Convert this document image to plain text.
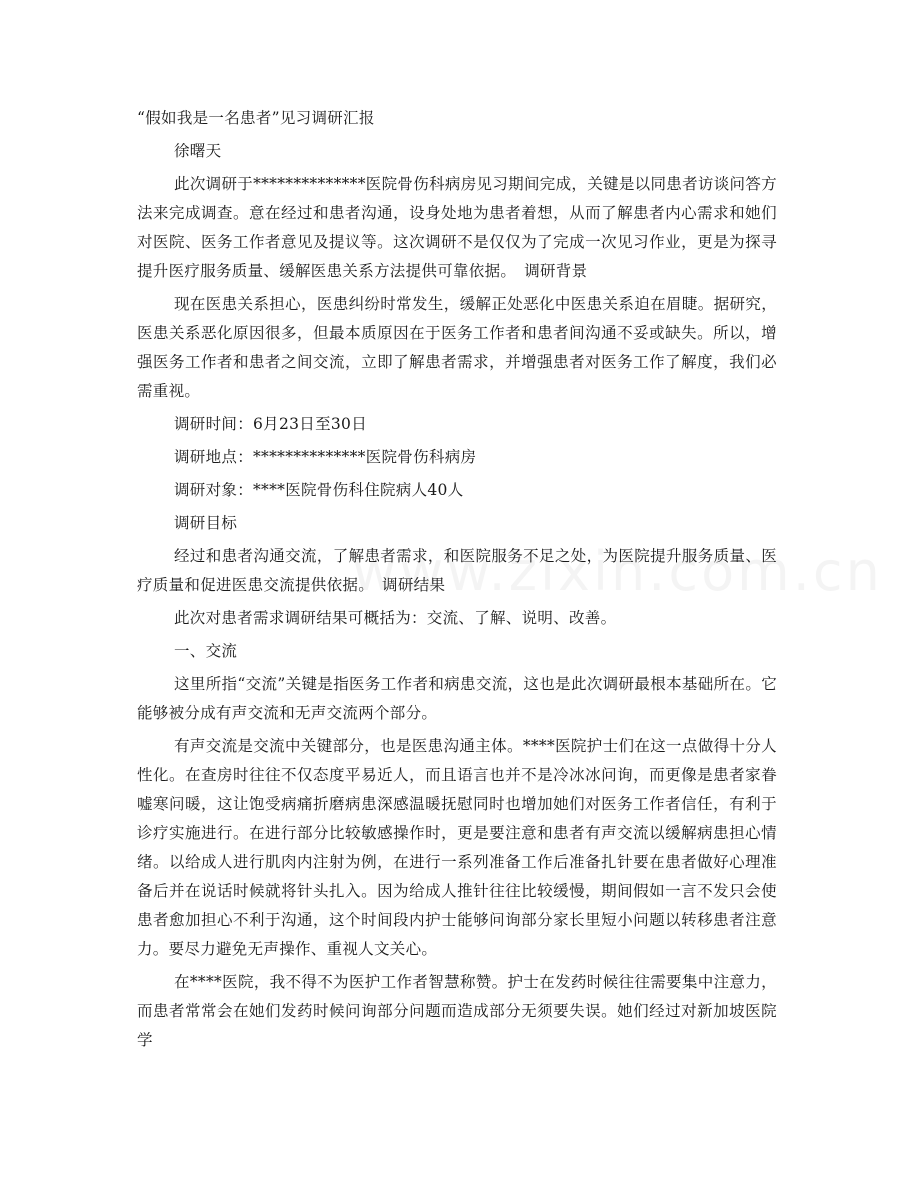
“假如我是一名患者”见习调研汇报

徐曙天

此次调研于**************医院骨伤科病房见习期间完成，关键是以同患者访谈问答方法来完成调查。意在经过和患者沟通，设身处地为患者着想，从而了解患者内心需求和她们对医院、医务工作者意见及提议等。这次调研不是仅仅为了完成一次见习作业，更是为探寻提升医疗服务质量、缓解医患关系方法提供可靠依据。　调研背景

现在医患关系担心，医患纠纷时常发生，缓解正处恶化中医患关系迫在眉睫。据研究，医患关系恶化原因很多，但最本质原因在于医务工作者和患者间沟通不妥或缺失。所以，增强医务工作者和患者之间交流，立即了解患者需求，并增强患者对医务工作了解度，我们必需重视。

调研时间：6月23日至30日

调研地点：**************医院骨伤科病房

调研对象：****医院骨伤科住院病人40人

调研目标

经过和患者沟通交流，了解患者需求，和医院服务不足之处，为医院提升服务质量、医疗质量和促进医患交流提供依据。　调研结果

此次对患者需求调研结果可概括为：交流、了解、说明、改善。

一、交流

这里所指“交流”关键是指医务工作者和病患交流，这也是此次调研最根本基础所在。它能够被分成有声交流和无声交流两个部分。

有声交流是交流中关键部分，也是医患沟通主体。****医院护士们在这一点做得十分人性化。在查房时往往不仅态度平易近人，而且语言也并不是冷冰冰问询，而更像是患者家眷嘘寒问暖，这让饱受病痛折磨病患深感温暖抚慰同时也增加她们对医务工作者信任，有利于诊疗实施进行。在进行部分比较敏感操作时，更是要注意和患者有声交流以缓解病患担心情绪。以给成人进行肌肉内注射为例，在进行一系列准备工作后准备扎针要在患者做好心理准备后并在说话时候就将针头扎入。因为给成人推针往往比较缓慢，期间假如一言不发只会使患者愈加担心不利于沟通，这个时间段内护士能够问询部分家长里短小问题以转移患者注意力。要尽力避免无声操作、重视人文关心。

在****医院，我不得不为医护工作者智慧称赞。护士在发药时候往往需要集中注意力，而患者常常会在她们发药时候问询部分问题而造成部分无须要失误。她们经过对新加坡医院学
